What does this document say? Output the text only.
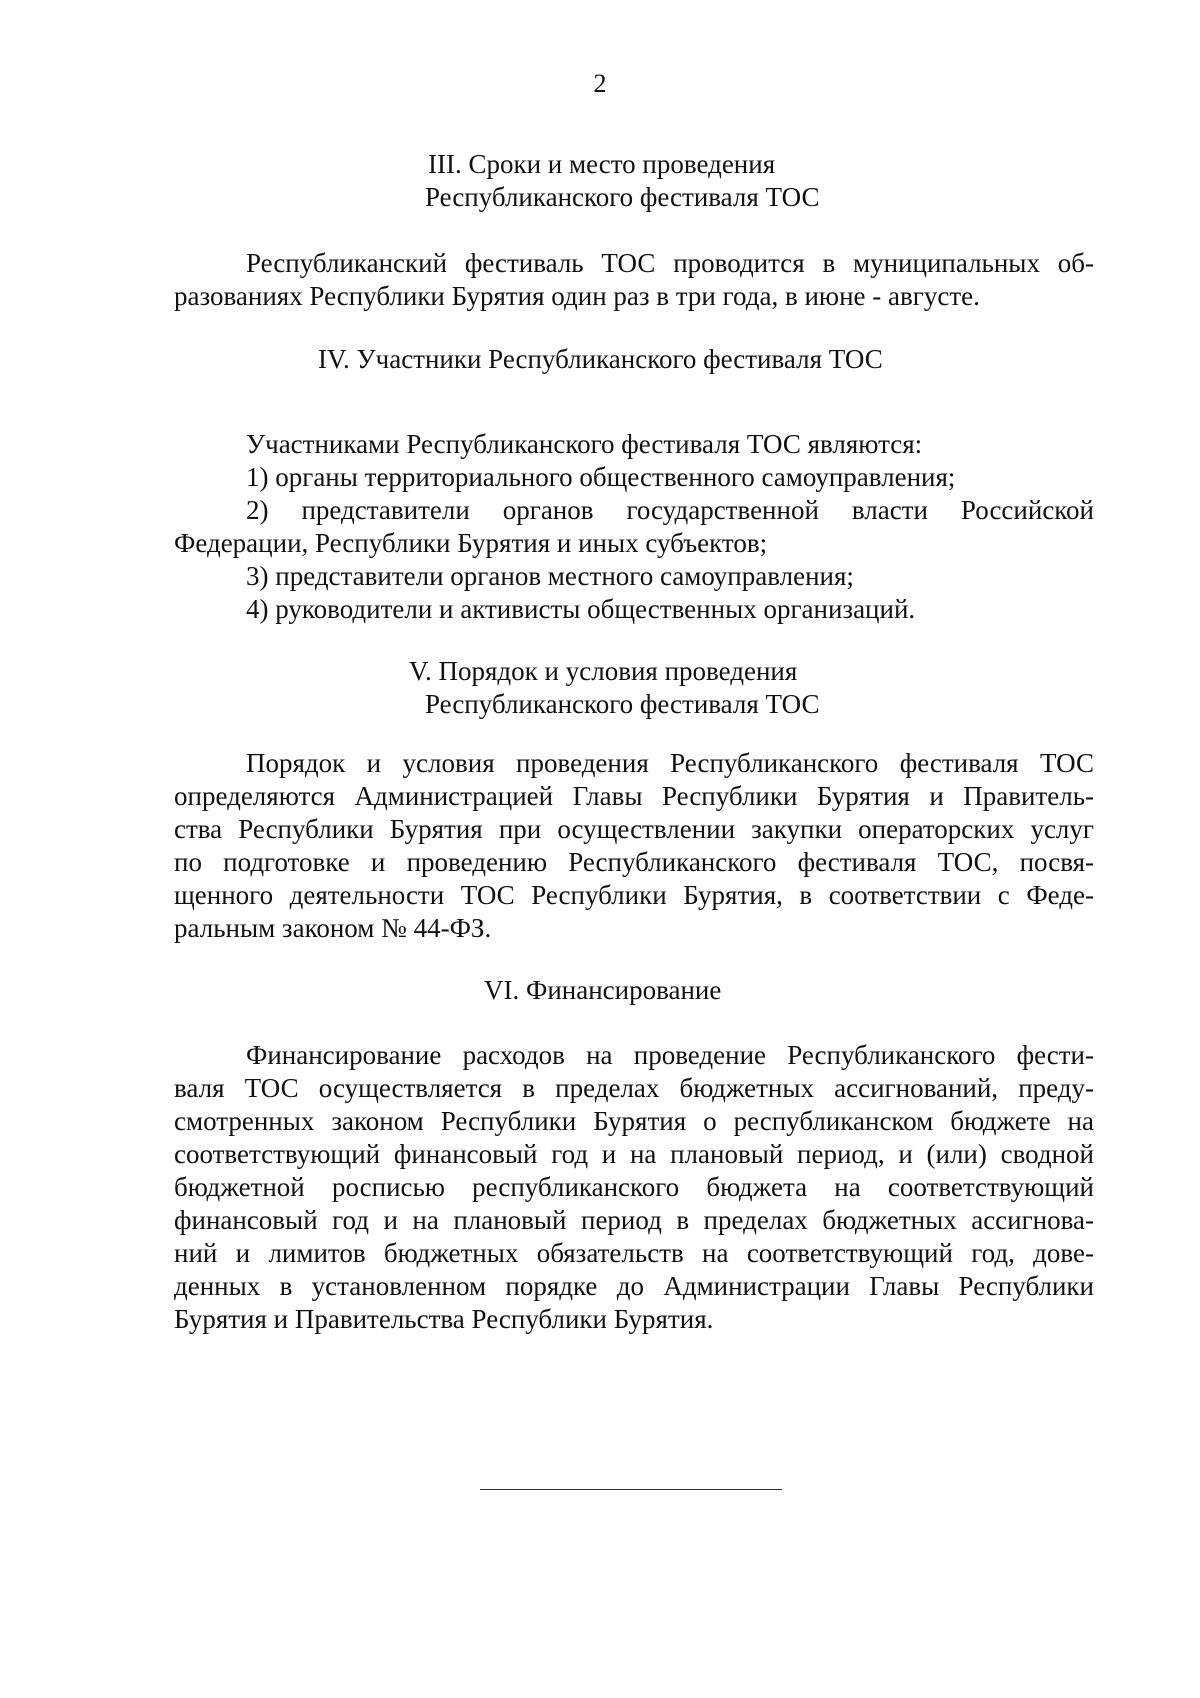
2
III. Сроки и место проведения
Республиканского фестиваля ТОС
Республиканский фестиваль ТОС проводится в муниципальных об-
разованиях Республики Бурятия один раз в три года, в июне - августе.
IV. Участники Республиканского фестиваля ТОС
Участниками Республиканского фестиваля ТОС являются:
1) органы территориального общественного самоуправления;
2) представители органов государственной власти Российской
Федерации, Республики Бурятия и иных субъектов;
3) представители органов местного самоуправления;
4) руководители и активисты общественных организаций.
V. Порядок и условия проведения
Республиканского фестиваля ТОС
Порядок и условия проведения Республиканского фестиваля ТОС
определяются Администрацией Главы Республики Бурятия и Правитель-
ства Республики Бурятия при осуществлении закупки операторских услуг
по подготовке и проведению Республиканского фестиваля ТОС, посвя-
щенного деятельности ТОС Республики Бурятия, в соответствии с Феде-
ральным законом № 44-ФЗ.
VI. Финансирование
Финансирование расходов на проведение Республиканского фести-
валя ТОС осуществляется в пределах бюджетных ассигнований, преду-
смотренных законом Республики Бурятия о республиканском бюджете на
соответствующий финансовый год и на плановый период, и (или) сводной
бюджетной росписью республиканского бюджета на соответствующий
финансовый год и на плановый период в пределах бюджетных ассигнова-
ний и лимитов бюджетных обязательств на соответствующий год, дове-
денных в установленном порядке до Администрации Главы Республики
Бурятия и Правительства Республики Бурятия.
